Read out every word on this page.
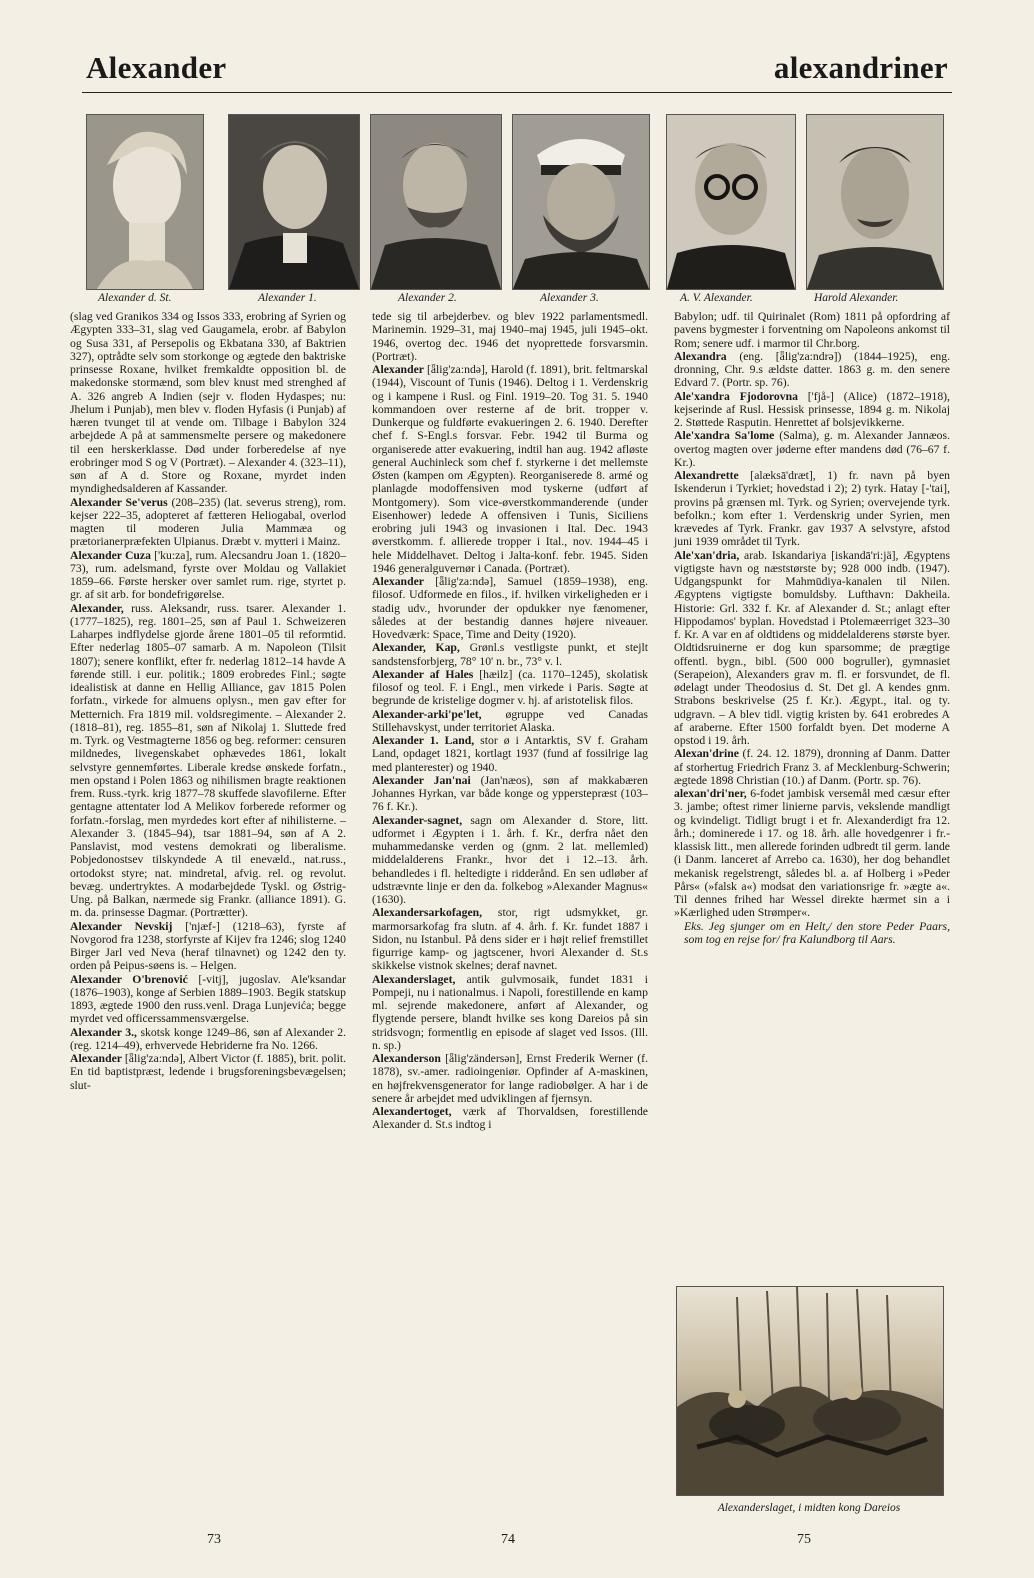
Alexander	alexandriner
Alexander d. St.	Alexander 1.	Alexander 2.	Alexander 3.	A. V. Alexander.	Harold Alexander.

(slag ved Granikos 334 og Issos 333, erobring af Syrien og Ægypten 333–31, slag ved Gaugamela, erobr. af Babylon og Susa 331, af Persepolis og Ekbatana 330, af Baktrien 327), optrådte selv som storkonge og ægtede den baktriske prinsesse Roxane, hvilket fremkaldte opposition bl. de makedonske stormænd, som blev knust med strenghed af A. 326 angreb A Indien (sejr v. floden Hydaspes; nu: Jhelum i Punjab), men blev v. floden Hyfasis (i Punjab) af hæren tvunget til at vende om. Tilbage i Babylon 324 arbejdede A på at sammensmelte persere og makedonere til een herskerklasse. Død under forberedelse af nye erobringer mod S og V (Portræt). – Alexander 4. (323–11), søn af A d. Store og Roxane, myrdet inden myndighedsalderen af Kassander.

Alexander Se'verus (208–235) (lat. severus streng), rom. kejser 222–35, adopteret af fætteren Heliogabal, overlod magten til moderen Julia Mammæa og prætorianerpræfekten Ulpianus. Dræbt v. mytteri i Mainz.

Alexander Cuza ['ku:za], rum. Alecsandru Joan 1. (1820–73), rum. adelsmand, fyrste over Moldau og Vallakiet 1859–66. Første hersker over samlet rum. rige, styrtet p. gr. af sit arb. for bondefrigørelse.

Alexander, russ. Aleksandr, russ. tsarer. Alexander 1. (1777–1825), reg. 1801–25, søn af Paul 1. Schweizeren Laharpes indflydelse gjorde årene 1801–05 til reformtid. Efter nederlag 1805–07 samarb. A m. Napoleon (Tilsit 1807); senere konflikt, efter fr. nederlag 1812–14 havde A førende still. i eur. politik.; 1809 erobredes Finl.; søgte idealistisk at danne en Hellig Alliance, gav 1815 Polen forfatn., virkede for almuens oplysn., men gav efter for Metternich. Fra 1819 mil. voldsregimente. – Alexander 2. (1818–81), reg. 1855–81, søn af Nikolaj 1. Sluttede fred m. Tyrk. og Vestmagterne 1856 og beg. reformer: censuren mildnedes, livegenskabet ophævedes 1861, lokalt selvstyre gennemførtes. Liberale kredse ønskede forfatn., men opstand i Polen 1863 og nihilismen bragte reaktionen frem. Russ.-tyrk. krig 1877–78 skuffede slavofilerne. Efter gentagne attentater lod A Melikov forberede reformer og forfatn.-forslag, men myrdedes kort efter af nihilisterne. – Alexander 3. (1845–94), tsar 1881–94, søn af A 2. Panslavist, mod vestens demokrati og liberalisme. Pobjedonostsev tilskyndede A til enevæld., nat.russ., ortodokst styre; nat. mindretal, afvig. rel. og revolut. bevæg. undertryktes. A modarbejdede Tyskl. og Østrig-Ung. på Balkan, nærmede sig Frankr. (alliance 1891). G. m. da. prinsesse Dagmar. (Portrætter).

Alexander Nevskij ['njæf-] (1218–63), fyrste af Novgorod fra 1238, storfyrste af Kijev fra 1246; slog 1240 Birger Jarl ved Neva (heraf tilnavnet) og 1242 den ty. orden på Peipus-søens is. – Helgen.

Alexander O'brenović [-vitj], jugoslav. Ale'ksandar (1876–1903), konge af Serbien 1889–1903. Begik statskup 1893, ægtede 1900 den russ.venl. Draga Lunjevića; begge myrdet ved officerssammensværgelse.

Alexander 3., skotsk konge 1249–86, søn af Alexander 2. (reg. 1214–49), erhvervede Hebriderne fra No. 1266.

Alexander [ǟlig'za:ndə], Albert Victor (f. 1885), brit. polit. En tid baptistpræst, ledende i brugsforeningsbevægelsen; slut-

tede sig til arbejderbev. og blev 1922 parlamentsmedl. Marinemin. 1929–31, maj 1940–maj 1945, juli 1945–okt. 1946, overtog dec. 1946 det nyoprettede forsvarsmin. (Portræt).

Alexander [ǟlig'za:ndə], Harold (f. 1891), brit. feltmarskal (1944), Viscount of Tunis (1946). Deltog i 1. Verdenskrig og i kampene i Rusl. og Finl. 1919–20. Tog 31. 5. 1940 kommandoen over resterne af de brit. tropper v. Dunkerque og fuldførte evakueringen 2. 6. 1940. Derefter chef f. S-Engl.s forsvar. Febr. 1942 til Burma og organiserede atter evakuering, indtil han aug. 1942 afløste general Auchinleck som chef f. styrkerne i det mellemste Østen (kampen om Ægypten). Reorganiserede 8. armé og planlagde modoffensiven mod tyskerne (udført af Montgomery). Som vice-øverstkommanderende (under Eisenhower) ledede A offensiven i Tunis, Siciliens erobring juli 1943 og invasionen i Ital. Dec. 1943 øverstkomm. f. allierede tropper i Ital., nov. 1944–45 i hele Middelhavet. Deltog i Jalta-konf. febr. 1945. Siden 1946 generalguvernør i Canada. (Portræt).

Alexander [ǟlig'za:ndə], Samuel (1859–1938), eng. filosof. Udformede en filos., if. hvilken virkeligheden er i stadig udv., hvorunder der opdukker nye fænomener, således at der bestandig dannes højere niveauer. Hovedværk: Space, Time and Deity (1920).

Alexander, Kap, Grønl.s vestligste punkt, et stejlt sandstensforbjerg, 78° 10' n. br., 73° v. l.

Alexander af Hales [hæilz] (ca. 1170–1245), skolatisk filosof og teol. F. i Engl., men virkede i Paris. Søgte at begrunde de kristelige dogmer v. hj. af aristotelisk filos.

Alexander-arki'pe'let, øgruppe ved Canadas Stillehavskyst, under territoriet Alaska.

Alexander 1. Land, stor ø i Antarktis, SV f. Graham Land, opdaget 1821, kortlagt 1937 (fund af fossilrige lag med planterester) og 1940.

Alexander Jan'nai (Jan'næos), søn af makkabæren Johannes Hyrkan, var både konge og ypperstepræst (103–76 f. Kr.).

Alexander-sagnet, sagn om Alexander d. Store, litt. udformet i Ægypten i 1. årh. f. Kr., derfra nået den muhammedanske verden og (gnm. 2 lat. mellemled) middelalderens Frankr., hvor det i 12.–13. årh. behandledes i fl. heltedigte i ridderånd. En sen udløber af udstrævnte linje er den da. folkebog »Alexander Magnus« (1630).

Alexandersarkofagen, stor, rigt udsmykket, gr. marmorsarkofag fra slutn. af 4. årh. f. Kr. fundet 1887 i Sidon, nu Istanbul. På dens sider er i højt relief fremstillet figurrige kamp- og jagtscener, hvori Alexander d. St.s skikkelse vistnok skelnes; deraf navnet.

Alexanderslaget, antik gulvmosaik, fundet 1831 i Pompeji, nu i nationalmus. i Napoli, forestillende en kamp ml. sejrende makedonere, anført af Alexander, og flygtende persere, blandt hvilke ses kong Dareios på sin stridsvogn; formentlig en episode af slaget ved Issos. (Ill. n. sp.)

Alexanderson [ǟlig'zändersən], Ernst Frederik Werner (f. 1878), sv.-amer. radioingeniør. Opfinder af A-maskinen, en højfrekvensgenerator for lange radiobølger. A har i de senere år arbejdet med udviklingen af fjernsyn.

Alexandertoget, værk af Thorvaldsen, forestillende Alexander d. St.s indtog i

Babylon; udf. til Quirinalet (Rom) 1811 på opfordring af pavens bygmester i forventning om Napoleons ankomst til Rom; senere udf. i marmor til Chr.borg.

Alexandra (eng. [ǟlig'za:ndrə]) (1844–1925), eng. dronning, Chr. 9.s ældste datter. 1863 g. m. den senere Edvard 7. (Portr. sp. 76).

Ale'xandra Fjodorovna ['fjå-] (Alice) (1872–1918), kejserinde af Rusl. Hessisk prinsesse, 1894 g. m. Nikolaj 2. Støttede Rasputin. Henrettet af bolsjevikkerne.

Ale'xandra Sa'lome (Salma), g. m. Alexander Jannæos. overtog magten over jøderne efter mandens død (76–67 f. Kr.).

Alexandrette [alæksā'dræt], 1) fr. navn på byen Iskenderun i Tyrkiet; hovedstad i 2); 2) tyrk. Hatay [-'tai], provins på grænsen ml. Tyrk. og Syrien; overvejende tyrk. befolkn.; kom efter 1. Verdenskrig under Syrien, men krævedes af Tyrk. Frankr. gav 1937 A selvstyre, afstod juni 1939 området til Tyrk.

Ale'xan'dria, arab. Iskandariya [iskandā'ri:jä], Ægyptens vigtigste havn og næststørste by; 928 000 indb. (1947). Udgangspunkt for Mahmūdiya-kanalen til Nilen. Ægyptens vigtigste bomuldsby. Lufthavn: Dakheila. Historie: Grl. 332 f. Kr. af Alexander d. St.; anlagt efter Hippodamos' byplan. Hovedstad i Ptolemæerriget 323–30 f. Kr. A var en af oldtidens og middelalderens største byer. Oldtidsruinerne er dog kun sparsomme; de prægtige offentl. bygn., bibl. (500 000 bogruller), gymnasiet (Serapeion), Alexanders grav m. fl. er forsvundet, de fl. ødelagt under Theodosius d. St. Det gl. A kendes gnm. Strabons beskrivelse (25 f. Kr.). Ægypt., ital. og ty. udgravn. – A blev tidl. vigtig kristen by. 641 erobredes A af araberne. Efter 1500 forfaldt byen. Det moderne A opstod i 19. årh.

Alexan'drine (f. 24. 12. 1879), dronning af Danm. Datter af storhertug Friedrich Franz 3. af Mecklenburg-Schwerin; ægtede 1898 Christian (10.) af Danm. (Portr. sp. 76).

alexan'dri'ner, 6-fodet jambisk versemål med cæsur efter 3. jambe; oftest rimer linierne parvis, vekslende mandligt og kvindeligt. Tidligt brugt i et fr. Alexanderdigt fra 12. årh.; dominerede i 17. og 18. årh. alle hovedgenrer i fr.-klassisk litt., men allerede forinden udbredt til germ. lande (i Danm. lanceret af Arrebo ca. 1630), her dog behandlet mekanisk regelstrengt, således bl. a. af Holberg i »Peder Pårs« (»falsk a«) modsat den variationsrige fr. »ægte a«. Til dennes frihed har Wessel direkte hærmet sin a i »Kærlighed uden Strømper«.

Eks. Jeg sjunger om en Helt,/ den store Peder Paars, som tog en rejse for/ fra Kalundborg til Aars.

Alexanderslaget, i midten kong Dareios
73	74	75
